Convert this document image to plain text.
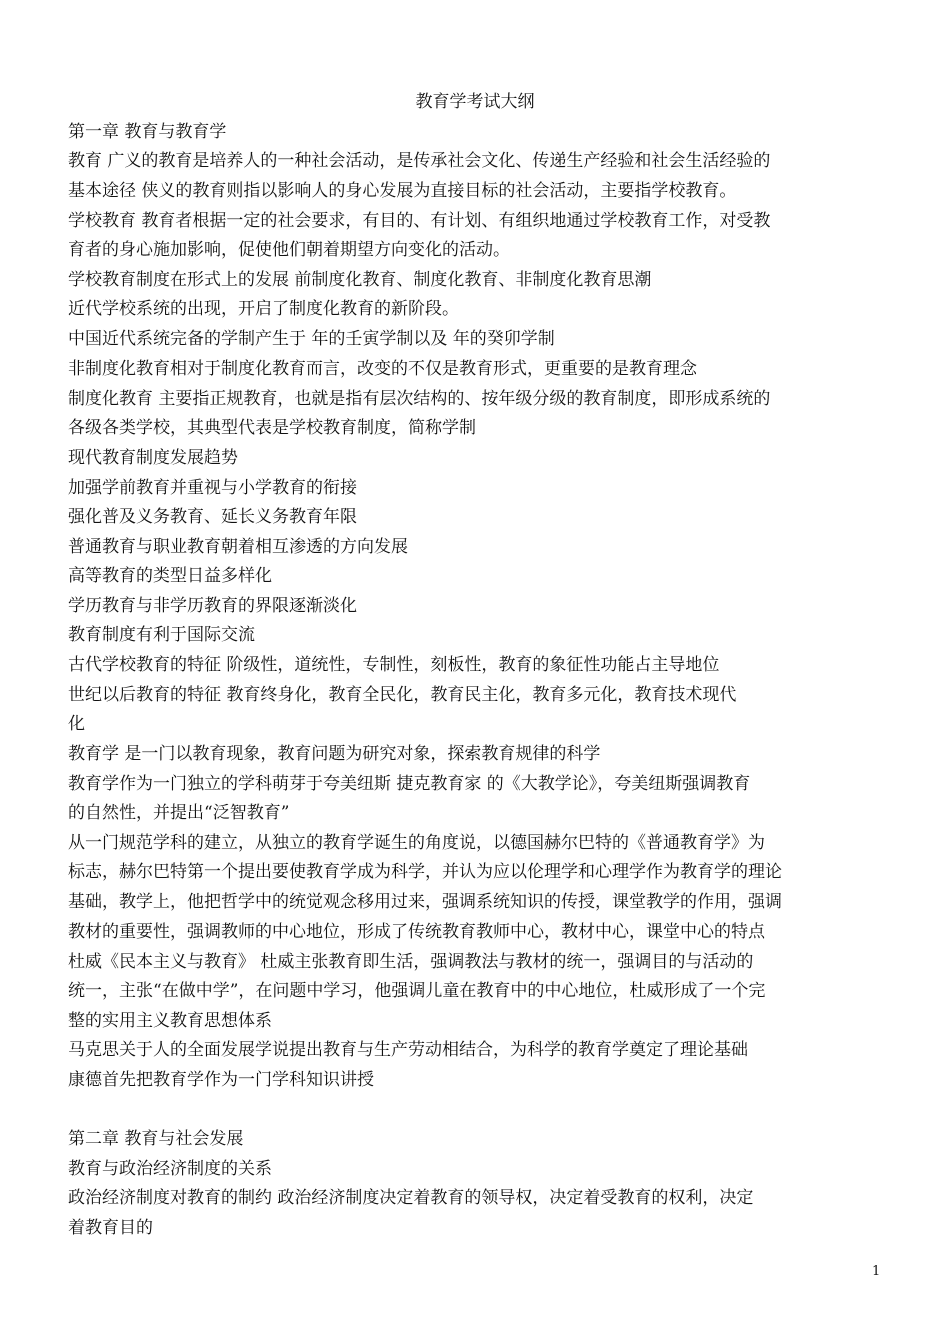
教育学考试大纲
第一章 教育与教育学
教育 广义的教育是培养人的一种社会活动，是传承社会文化、传递生产经验和社会生活经验的
基本途径 侠义的教育则指以影响人的身心发展为直接目标的社会活动，主要指学校教育。
学校教育 教育者根据一定的社会要求，有目的、有计划、有组织地通过学校教育工作，对受教
育者的身心施加影响，促使他们朝着期望方向变化的活动。
学校教育制度在形式上的发展 前制度化教育、制度化教育、非制度化教育思潮
近代学校系统的出现，开启了制度化教育的新阶段。
中国近代系统完备的学制产生于 年的壬寅学制以及 年的癸卯学制
非制度化教育相对于制度化教育而言，改变的不仅是教育形式，更重要的是教育理念
制度化教育 主要指正规教育，也就是指有层次结构的、按年级分级的教育制度，即形成系统的
各级各类学校，其典型代表是学校教育制度，简称学制
现代教育制度发展趋势
加强学前教育并重视与小学教育的衔接
强化普及义务教育、延长义务教育年限
普通教育与职业教育朝着相互渗透的方向发展
高等教育的类型日益多样化
学历教育与非学历教育的界限逐渐淡化
教育制度有利于国际交流
古代学校教育的特征 阶级性，道统性，专制性，刻板性，教育的象征性功能占主导地位
世纪以后教育的特征 教育终身化，教育全民化，教育民主化，教育多元化，教育技术现代
化
教育学 是一门以教育现象，教育问题为研究对象，探索教育规律的科学
教育学作为一门独立的学科萌芽于夸美纽斯 捷克教育家 的《大教学论》，夸美纽斯强调教育
的自然性，并提出“泛智教育”
从一门规范学科的建立，从独立的教育学诞生的角度说，以德国赫尔巴特的《普通教育学》为
标志，赫尔巴特第一个提出要使教育学成为科学，并认为应以伦理学和心理学作为教育学的理论
基础，教学上，他把哲学中的统觉观念移用过来，强调系统知识的传授，课堂教学的作用，强调
教材的重要性，强调教师的中心地位，形成了传统教育教师中心，教材中心，课堂中心的特点
杜威《民本主义与教育》 杜威主张教育即生活，强调教法与教材的统一，强调目的与活动的
统一，主张“在做中学”，在问题中学习，他强调儿童在教育中的中心地位，杜威形成了一个完
整的实用主义教育思想体系
马克思关于人的全面发展学说提出教育与生产劳动相结合，为科学的教育学奠定了理论基础
康德首先把教育学作为一门学科知识讲授
第二章 教育与社会发展
教育与政治经济制度的关系
政治经济制度对教育的制约 政治经济制度决定着教育的领导权，决定着受教育的权利，决定
着教育目的
1
